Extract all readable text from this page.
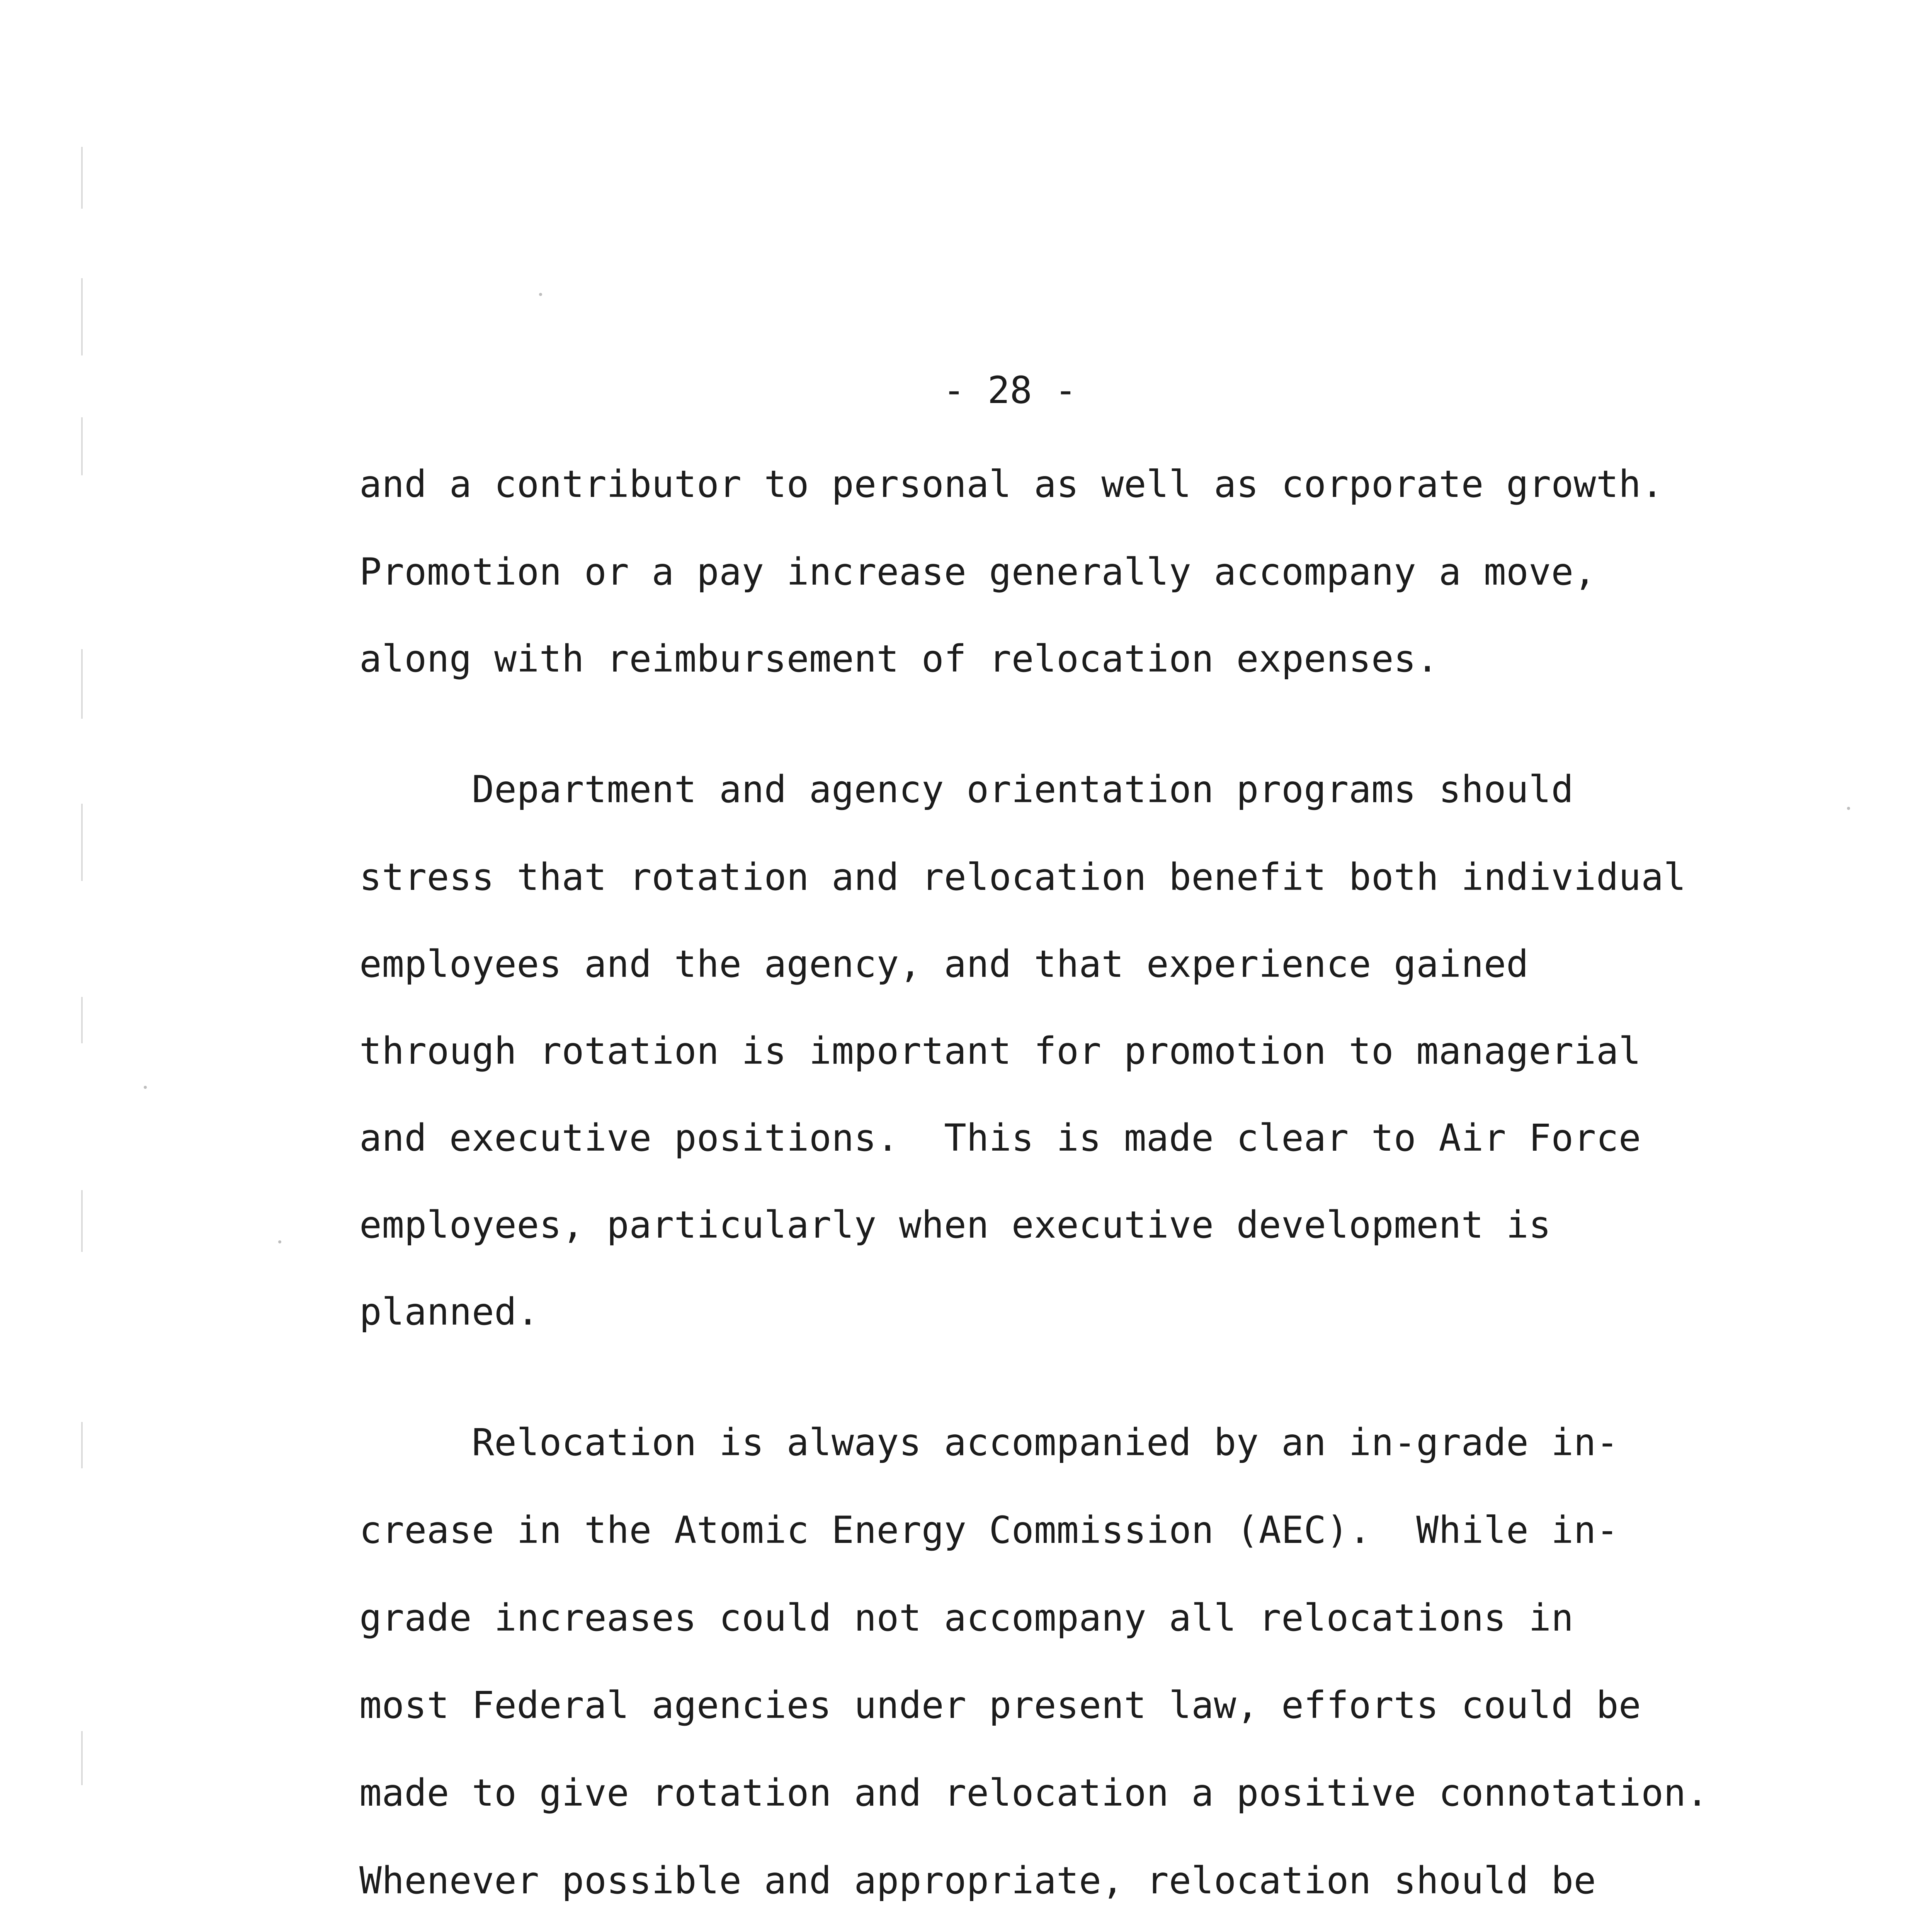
- 28 -
and a contributor to personal as well as corporate growth.
Promotion or a pay increase generally accompany a move,
along with reimbursement of relocation expenses.
Department and agency orientation programs should
stress that rotation and relocation benefit both individual
employees and the agency, and that experience gained
through rotation is important for promotion to managerial
and executive positions.  This is made clear to Air Force
employees, particularly when executive development is
planned.
Relocation is always accompanied by an in-grade in-
crease in the Atomic Energy Commission (AEC).  While in-
grade increases could not accompany all relocations in
most Federal agencies under present law, efforts could be
made to give rotation and relocation a positive connotation.
Whenever possible and appropriate, relocation should be
